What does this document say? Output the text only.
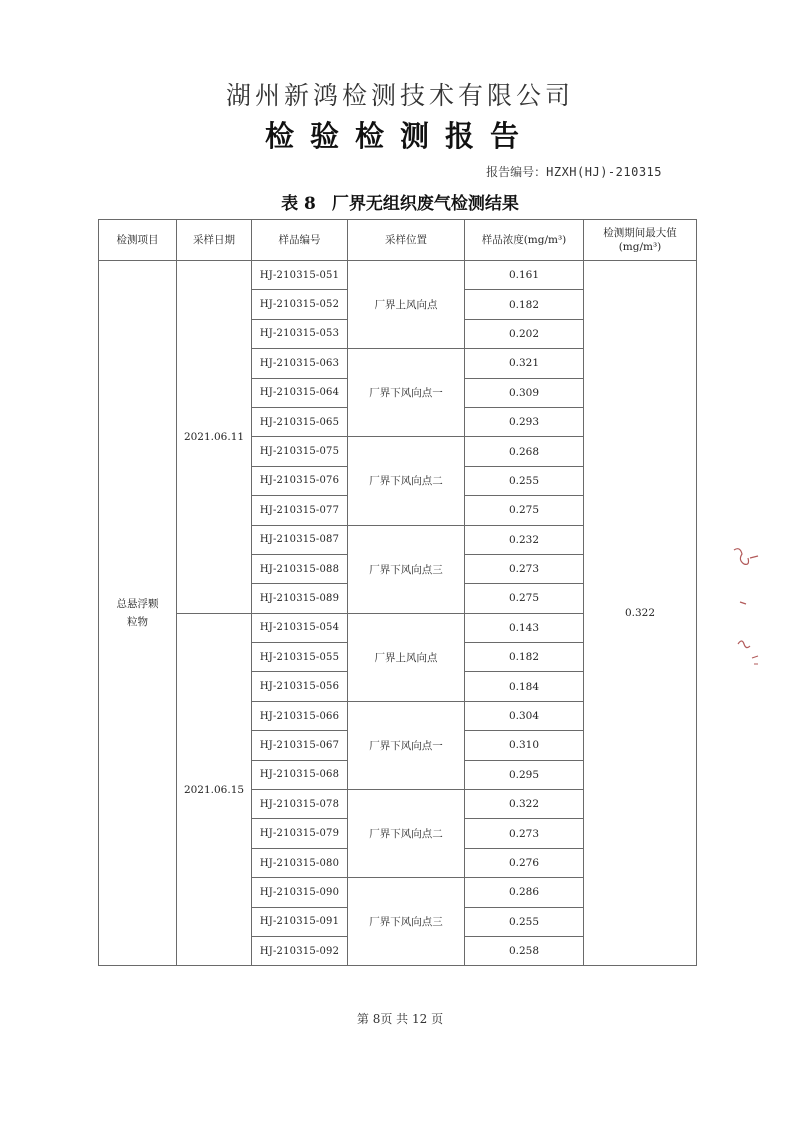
湖州新鸿检测技术有限公司
检验检测报告
报告编号：HZXH(HJ)-210315
表 8 厂界无组织废气检测结果
检测项目	采样日期	样品编号	采样位置	样品浓度(mg/m³)	检测期间最大值
(mg/m³)

总悬浮颗粒物	2021.06.11	HJ-210315-051	厂界上风向点	0.161	0.322
		HJ-210315-052		0.182	
		HJ-210315-053		0.202	
		HJ-210315-063	厂界下风向点一	0.321	
		HJ-210315-064		0.309	
		HJ-210315-065		0.293	
		HJ-210315-075	厂界下风向点二	0.268	
		HJ-210315-076		0.255	
		HJ-210315-077		0.275	
		HJ-210315-087	厂界下风向点三	0.232	
		HJ-210315-088		0.273	
		HJ-210315-089		0.275	
	2021.06.15	HJ-210315-054	厂界上风向点	0.143	
		HJ-210315-055		0.182	
		HJ-210315-056		0.184	
		HJ-210315-066	厂界下风向点一	0.304	
		HJ-210315-067		0.310	
		HJ-210315-068		0.295	
		HJ-210315-078	厂界下风向点二	0.322	
		HJ-210315-079		0.273	
		HJ-210315-080		0.276	
		HJ-210315-090	厂界下风向点三	0.286	
		HJ-210315-091		0.255	
		HJ-210315-092		0.258	
第 8页 共 12 页
